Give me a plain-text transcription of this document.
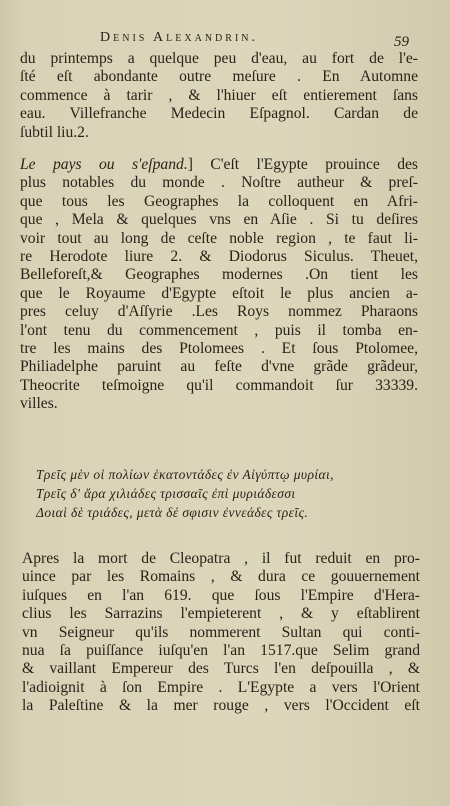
Denis Alexandrin.	59
du printemps a quelque peu d'eau, au fort de l'e-
ſté eſt abondante outre meſure . En Automne
commence à tarir , & l'hiuer eſt entierement ſans
eau. Villefranche Medecin Eſpagnol. Cardan de
ſubtil liu.2.
Le pays ou s'eſpand.] C'eſt l'Egypte prouince des
plus notables du monde . Noſtre autheur & preſ-
que tous les Geographes la colloquent en Afri-
que , Mela & quelques vns en Aſie . Si tu deſires
voir tout au long de ceſte noble region , te faut li-
re Herodote liure 2. & Diodorus Siculus. Theuet,
Belleforeſt,& Geographes modernes .On tient les
que le Royaume d'Egypte eſtoit le plus ancien a-
pres celuy d'Aſſyrie .Les Roys nommez Pharaons
l'ont tenu du commencement , puis il tomba en-
tre les mains des Ptolomees . Et ſous Ptolomee,
Philiadelphe paruint au feſte d'vne grãde grãdeur,
Theocrite teſmoigne qu'il commandoit ſur 33339.
villes.
Τρεῖς μὲν οἱ πολίων ἑκατοντάδες ἐν Αἰγύπτῳ μυρίαι,
Τρεῖς δ' ἄρα χιλιάδες τρισσαῖς ἐπὶ μυριάδεσσι
Δοιαὶ δὲ τριάδες, μετὰ δέ σφισιν ἐννεάδες τρεῖς.
Apres la mort de Cleopatra , il fut reduit en pro-
uince par les Romains , & dura ce gouuernement
iuſques en l'an 619. que ſous l'Empire d'Hera-
clius les Sarrazins l'empieterent , & y eſtablirent
vn Seigneur qu'ils nommerent Sultan qui conti-
nua ſa puiſſance iuſqu'en l'an 1517.que Selim grand
& vaillant Empereur des Turcs l'en deſpouilla , &
l'adioignit à ſon Empire . L'Egypte a vers l'Orient
la Paleſtine & la mer rouge , vers l'Occident eſt
